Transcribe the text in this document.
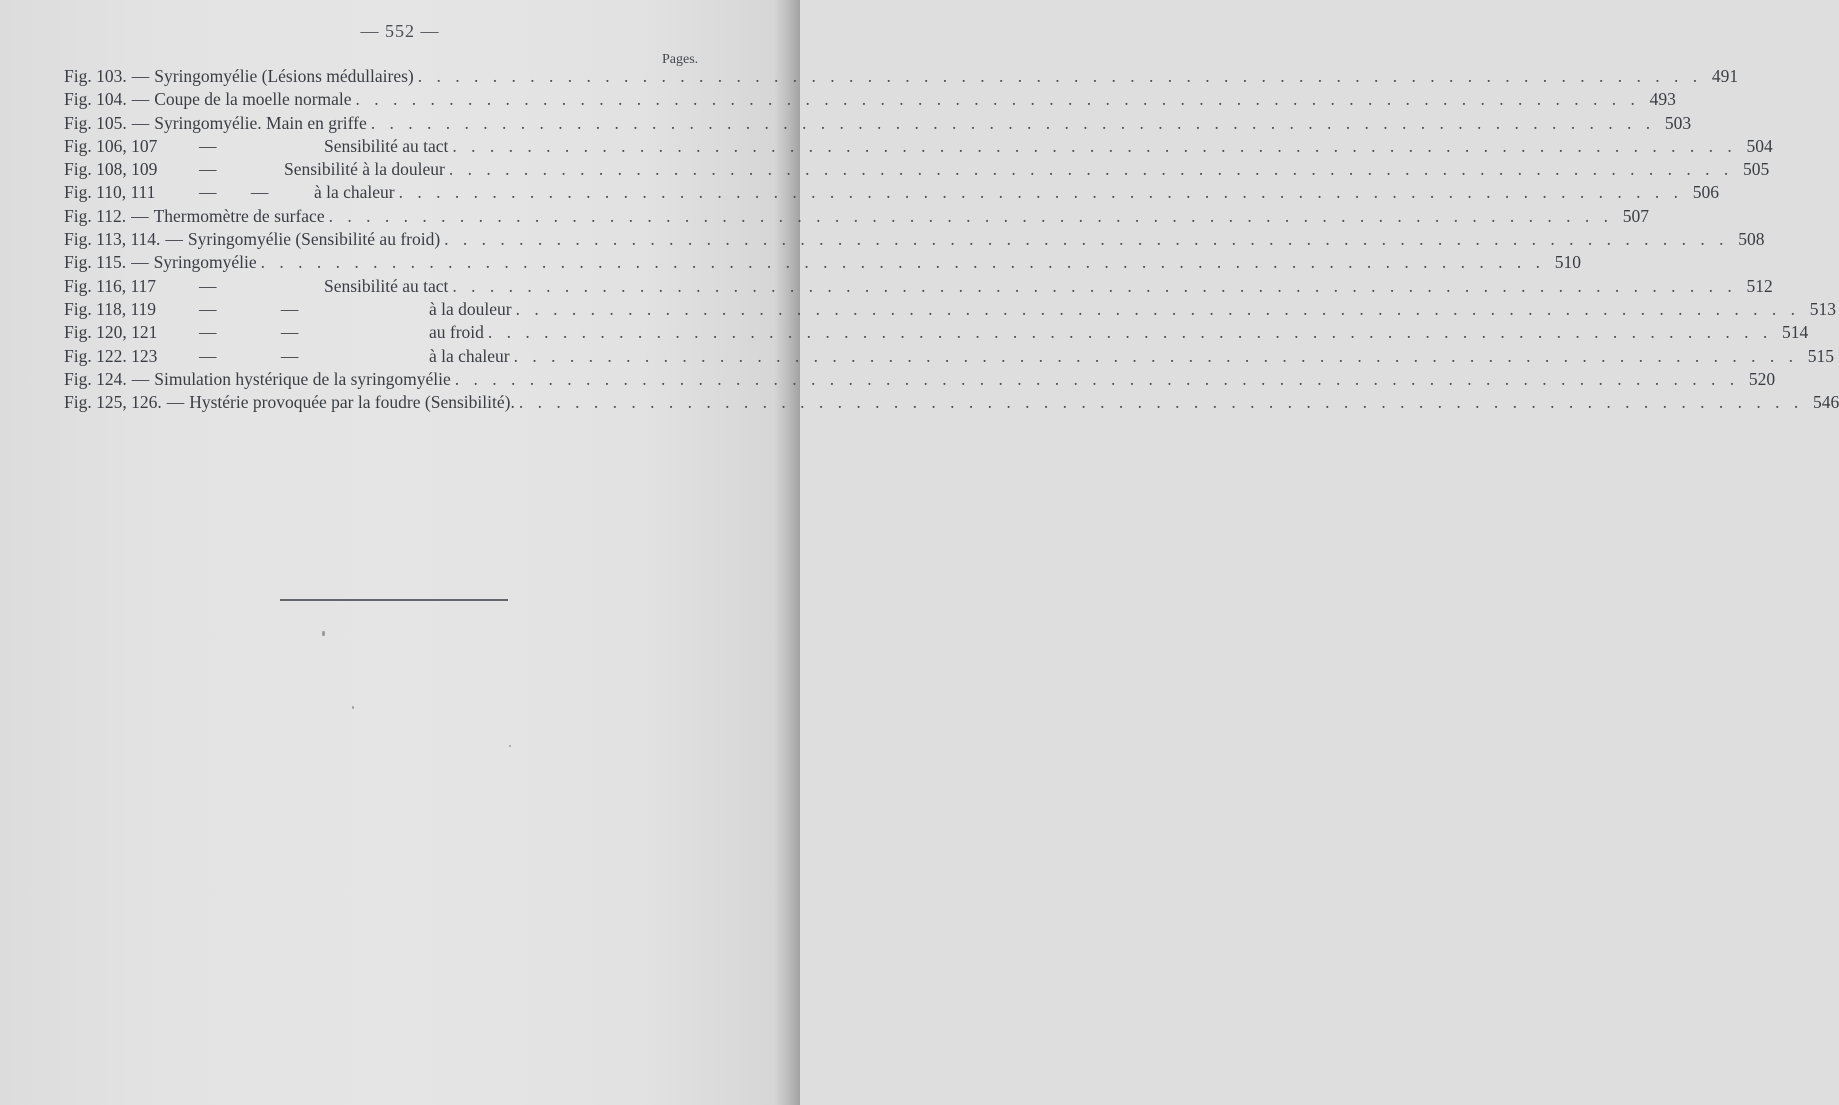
— 552 —
Pages.
Fig. 103. — Syringomyélie (Lésions médullaires) . . .	491
Fig. 104. — Coupe de la moelle normale . . .	493
Fig. 105. — Syringomyélie. Main en griffe . . .	503
Fig. 106, 107	—	Sensibilité au tact . . .	504
Fig. 108, 109	—	Sensibilité à la douleur . . .	505
Fig. 110, 111	— —	à la chaleur . . .	506
Fig. 112. — Thermomètre de surface . . .	507
Fig. 113, 114. — Syringomyélie (Sensibilité au froid) . . .	508
Fig. 115. — Syringomyélie . . .	510
Fig. 116, 117	—	Sensibilité au tact . . .	512
Fig. 118, 119	— —	à la douleur . . .	513
Fig. 120, 121	— —	au froid . . .	514
Fig. 122. 123	— —	à la chaleur . . .	515
Fig. 124. — Simulation hystérique de la syringomyélie . . .	520
Fig. 125, 126. — Hystérie provoquée par la foudre (Sensibilité). . . .	546
